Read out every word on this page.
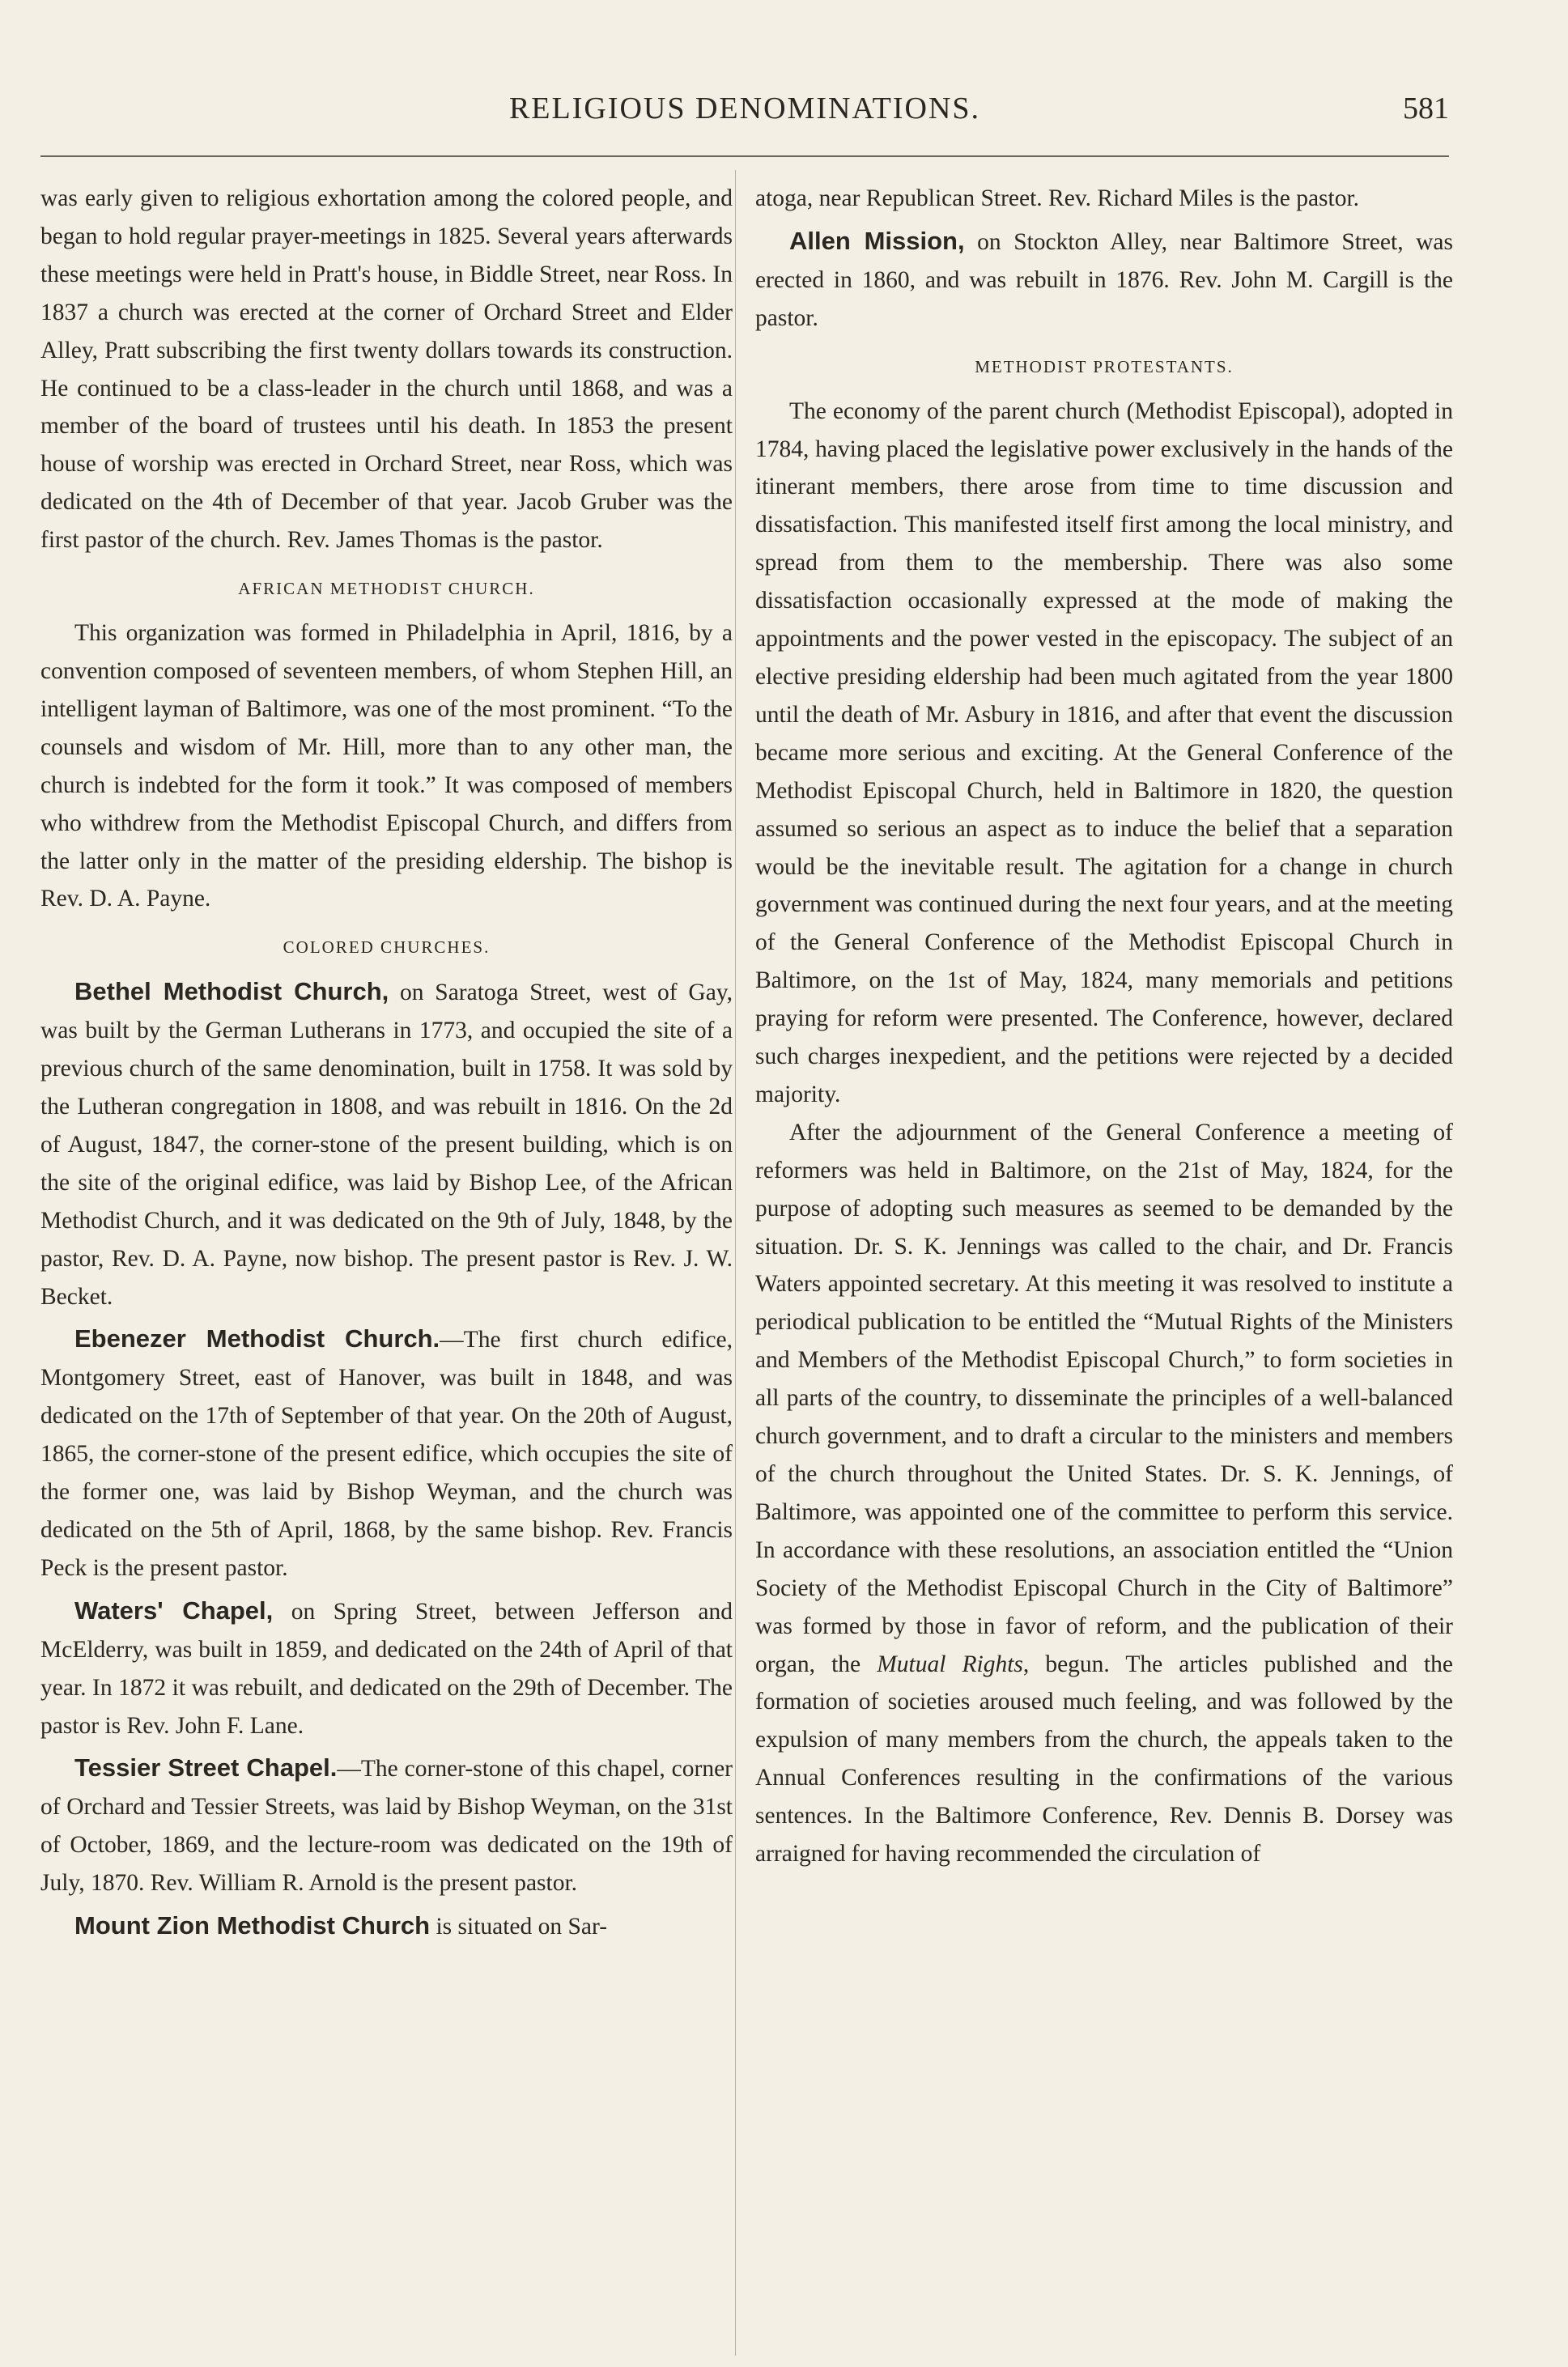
RELIGIOUS DENOMINATIONS.	581

was early given to religious exhortation among the colored people, and began to hold regular prayer-meetings in 1825. Several years afterwards these meetings were held in Pratt's house, in Biddle Street, near Ross. In 1837 a church was erected at the corner of Orchard Street and Elder Alley, Pratt subscribing the first twenty dollars towards its construction. He continued to be a class-leader in the church until 1868, and was a member of the board of trustees until his death. In 1853 the present house of worship was erected in Orchard Street, near Ross, which was dedicated on the 4th of December of that year. Jacob Gruber was the first pastor of the church. Rev. James Thomas is the pastor.

AFRICAN METHODIST CHURCH.

This organization was formed in Philadelphia in April, 1816, by a convention composed of seventeen members, of whom Stephen Hill, an intelligent layman of Baltimore, was one of the most prominent. “To the counsels and wisdom of Mr. Hill, more than to any other man, the church is indebted for the form it took.” It was composed of members who withdrew from the Methodist Episcopal Church, and differs from the latter only in the matter of the presiding eldership. The bishop is Rev. D. A. Payne.

COLORED CHURCHES.

Bethel Methodist Church, on Saratoga Street, west of Gay, was built by the German Lutherans in 1773, and occupied the site of a previous church of the same denomination, built in 1758. It was sold by the Lutheran congregation in 1808, and was rebuilt in 1816. On the 2d of August, 1847, the corner-stone of the present building, which is on the site of the original edifice, was laid by Bishop Lee, of the African Methodist Church, and it was dedicated on the 9th of July, 1848, by the pastor, Rev. D. A. Payne, now bishop. The present pastor is Rev. J. W. Becket.

Ebenezer Methodist Church.—The first church edifice, Montgomery Street, east of Hanover, was built in 1848, and was dedicated on the 17th of September of that year. On the 20th of August, 1865, the corner-stone of the present edifice, which occupies the site of the former one, was laid by Bishop Weyman, and the church was dedicated on the 5th of April, 1868, by the same bishop. Rev. Francis Peck is the present pastor.

Waters' Chapel, on Spring Street, between Jefferson and McElderry, was built in 1859, and dedicated on the 24th of April of that year. In 1872 it was rebuilt, and dedicated on the 29th of December. The pastor is Rev. John F. Lane.

Tessier Street Chapel.—The corner-stone of this chapel, corner of Orchard and Tessier Streets, was laid by Bishop Weyman, on the 31st of October, 1869, and the lecture-room was dedicated on the 19th of July, 1870. Rev. William R. Arnold is the present pastor.

Mount Zion Methodist Church is situated on Sar-

atoga, near Republican Street. Rev. Richard Miles is the pastor.

Allen Mission, on Stockton Alley, near Baltimore Street, was erected in 1860, and was rebuilt in 1876. Rev. John M. Cargill is the pastor.

METHODIST PROTESTANTS.

The economy of the parent church (Methodist Episcopal), adopted in 1784, having placed the legislative power exclusively in the hands of the itinerant members, there arose from time to time discussion and dissatisfaction. This manifested itself first among the local ministry, and spread from them to the membership. There was also some dissatisfaction occasionally expressed at the mode of making the appointments and the power vested in the episcopacy. The subject of an elective presiding eldership had been much agitated from the year 1800 until the death of Mr. Asbury in 1816, and after that event the discussion became more serious and exciting. At the General Conference of the Methodist Episcopal Church, held in Baltimore in 1820, the question assumed so serious an aspect as to induce the belief that a separation would be the inevitable result. The agitation for a change in church government was continued during the next four years, and at the meeting of the General Conference of the Methodist Episcopal Church in Baltimore, on the 1st of May, 1824, many memorials and petitions praying for reform were presented. The Conference, however, declared such charges inexpedient, and the petitions were rejected by a decided majority.

After the adjournment of the General Conference a meeting of reformers was held in Baltimore, on the 21st of May, 1824, for the purpose of adopting such measures as seemed to be demanded by the situation. Dr. S. K. Jennings was called to the chair, and Dr. Francis Waters appointed secretary. At this meeting it was resolved to institute a periodical publication to be entitled the “Mutual Rights of the Ministers and Members of the Methodist Episcopal Church,” to form societies in all parts of the country, to disseminate the principles of a well-balanced church government, and to draft a circular to the ministers and members of the church throughout the United States. Dr. S. K. Jennings, of Baltimore, was appointed one of the committee to perform this service. In accordance with these resolutions, an association entitled the “Union Society of the Methodist Episcopal Church in the City of Baltimore” was formed by those in favor of reform, and the publication of their organ, the Mutual Rights, begun. The articles published and the formation of societies aroused much feeling, and was followed by the expulsion of many members from the church, the appeals taken to the Annual Conferences resulting in the confirmations of the various sentences. In the Baltimore Conference, Rev. Dennis B. Dorsey was arraigned for having recommended the circulation of
